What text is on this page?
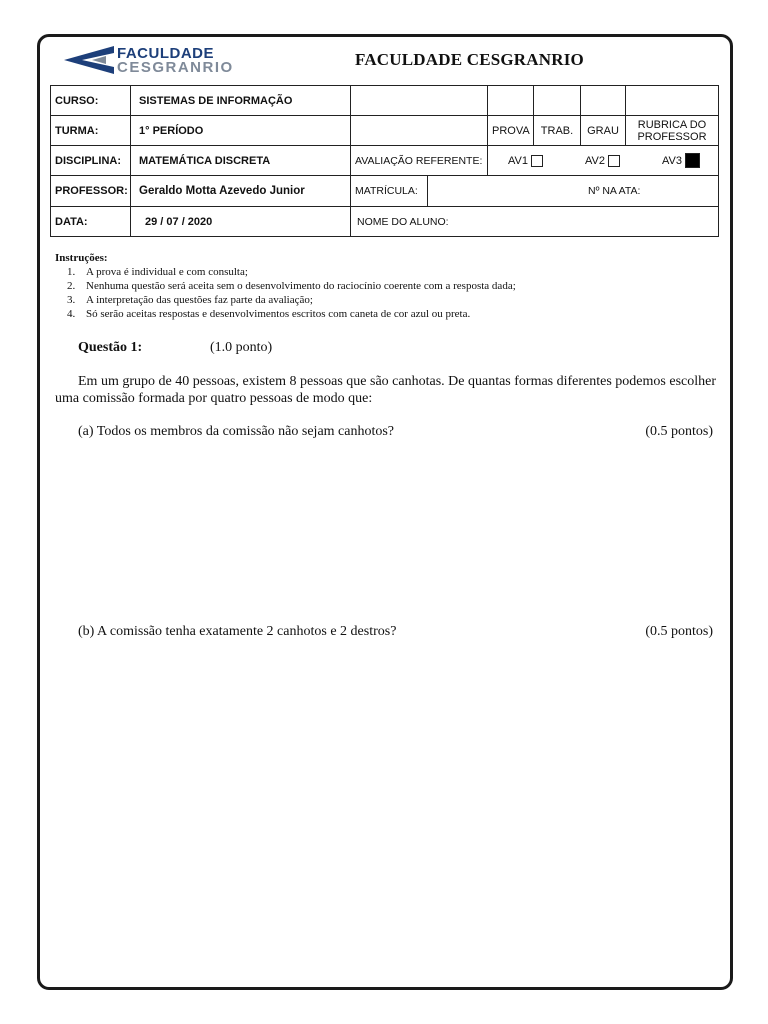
FACULDADE
CESGRANRIO	FACULDADE CESGRANRIO
CURSO:	SISTEMAS DE INFORMAÇÃO					
TURMA:	1° PERÍODO		PROVA	TRAB.	GRAU	RUBRICA DO PROFESSOR
DISCIPLINA:	MATEMÁTICA DISCRETA	AVALIAÇÃO REFERENTE:	AV1 AV2 AV3			

PROFESSOR:	Geraldo Motta Azevedo Junior	MATRÍCULA: Nº NA ATA:				

DATA:	29 / 07 / 2020	NOME DO ALUNO:				
Instruções:
1. A prova é individual e com consulta;
2. Nenhuma questão será aceita sem o desenvolvimento do raciocínio coerente com a resposta dada;
3. A interpretação das questões faz parte da avaliação;
4. Só serão aceitas respostas e desenvolvimentos escritos com caneta de cor azul ou preta.
Questão 1:	(1.0 ponto)
Em um grupo de 40 pessoas, existem 8 pessoas que são canhotas. De quantas formas diferentes podemos escolher uma comissão formada por quatro pessoas de modo que:
(a) Todos os membros da comissão não sejam canhotos?	(0.5 pontos)
(b) A comissão tenha exatamente 2 canhotos e 2 destros?	(0.5 pontos)
